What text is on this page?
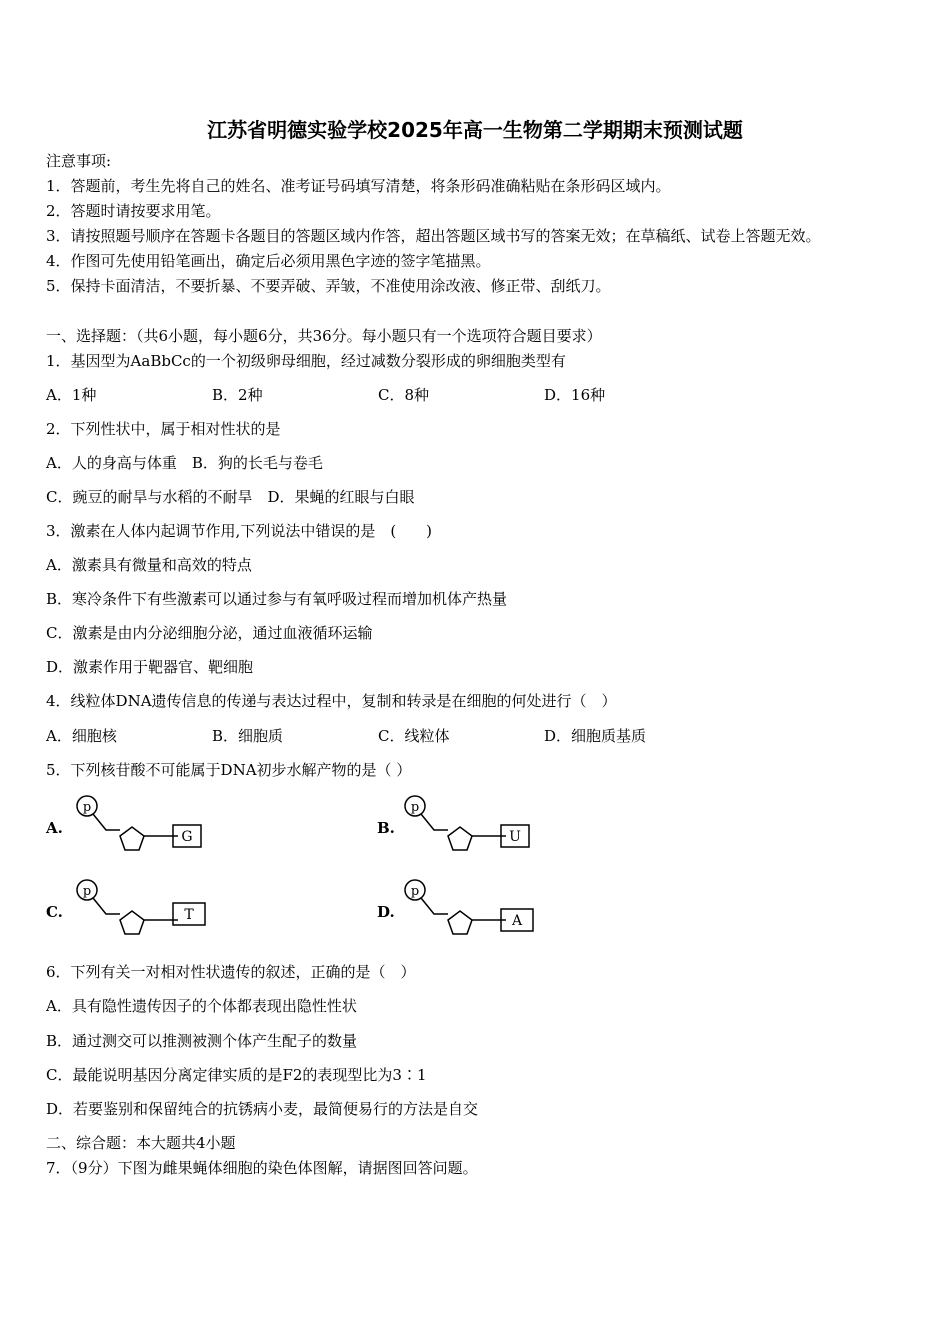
江苏省明德实验学校2025年高一生物第二学期期末预测试题
注意事项:
1．答题前，考生先将自己的姓名、准考证号码填写清楚，将条形码准确粘贴在条形码区域内。
2．答题时请按要求用笔。
3．请按照题号顺序在答题卡各题目的答题区域内作答，超出答题区域书写的答案无效；在草稿纸、试卷上答题无效。
4．作图可先使用铅笔画出，确定后必须用黑色字迹的签字笔描黑。
5．保持卡面清洁，不要折暴、不要弄破、弄皱，不准使用涂改液、修正带、刮纸刀。
一、选择题：（共6小题，每小题6分，共36分。每小题只有一个选项符合题目要求）
1．基因型为AaBbCc的一个初级卵母细胞，经过减数分裂形成的卵细胞类型有
A．1种	B．2种	C．8种	D．16种
2．下列性状中，属于相对性状的是
A．人的身高与体重　B．狗的长毛与卷毛
C．豌豆的耐旱与水稻的不耐旱　D．果蝇的红眼与白眼
3．激素在人体内起调节作用,下列说法中错误的是　(　　)
A．激素具有微量和高效的特点
B．寒冷条件下有些激素可以通过参与有氧呼吸过程而增加机体产热量
C．激素是由内分泌细胞分泌，通过血液循环运输
D．激素作用于靶器官、靶细胞
4．线粒体DNA遗传信息的传递与表达过程中，复制和转录是在细胞的何处进行（　）
A．细胞核	B．细胞质	C．线粒体	D．细胞质基质
5．下列核苷酸不可能属于DNA初步水解产物的是（ ）
A.
p
G	B.
p
U
C.
p
T	D.
p
A
6．下列有关一对相对性状遗传的叙述，正确的是（　）
A．具有隐性遗传因子的个体都表现出隐性性状
B．通过测交可以推测被测个体产生配子的数量
C．最能说明基因分离定律实质的是F2的表现型比为3∶1
D．若要鉴别和保留纯合的抗锈病小麦，最简便易行的方法是自交
二、综合题：本大题共4小题
7．（9分）下图为雌果蝇体细胞的染色体图解，请据图回答问题。
